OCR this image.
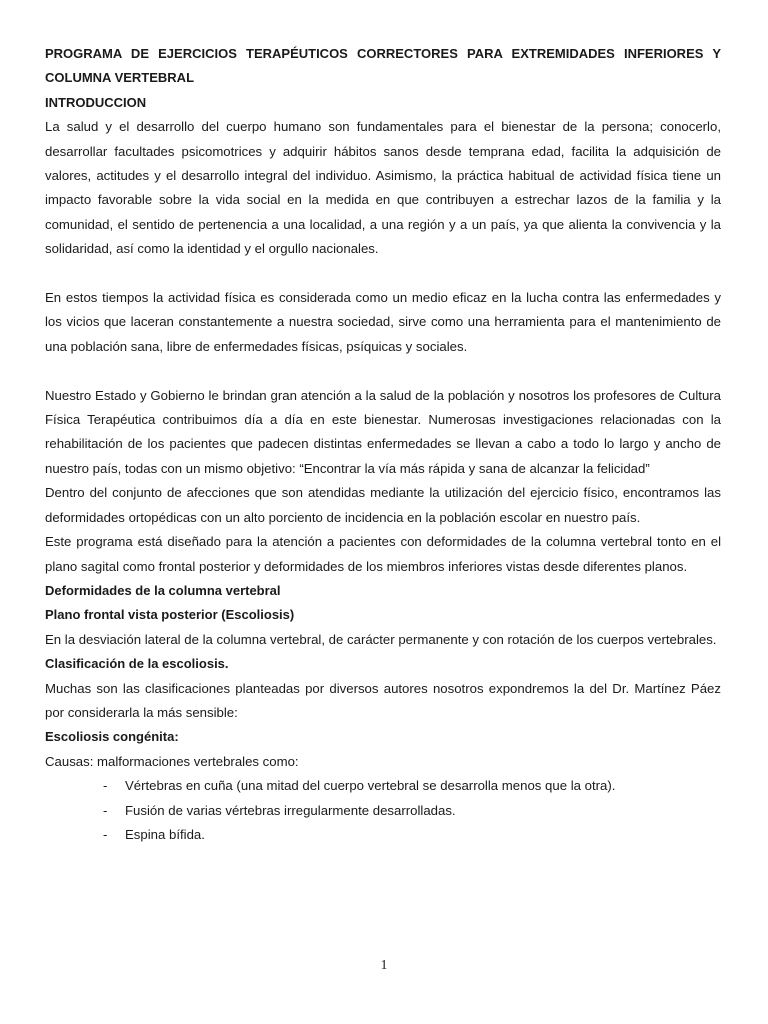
PROGRAMA DE EJERCICIOS TERAPÉUTICOS CORRECTORES PARA EXTREMIDADES INFERIORES Y COLUMNA VERTEBRAL

INTRODUCCION

La salud y el desarrollo del cuerpo humano son fundamentales para el bienestar de la persona; conocerlo, desarrollar facultades psicomotrices y adquirir hábitos sanos desde temprana edad, facilita la adquisición de valores, actitudes y el desarrollo integral del individuo. Asimismo, la práctica habitual de actividad física tiene un impacto favorable sobre la vida social en la medida en que contribuyen a estrechar lazos de la familia y la comunidad, el sentido de pertenencia a una localidad, a una región y a un país, ya que alienta la convivencia y la solidaridad, así como la identidad y el orgullo nacionales.

En estos tiempos la actividad física es considerada como un medio eficaz en la lucha contra las enfermedades y los vicios que laceran constantemente a nuestra sociedad, sirve como una herramienta para el mantenimiento de una población sana, libre de enfermedades físicas, psíquicas y sociales.

Nuestro Estado y Gobierno le brindan gran atención a la salud de la población y nosotros los profesores de Cultura Física Terapéutica contribuimos día a día en este bienestar. Numerosas investigaciones relacionadas con la rehabilitación de los pacientes que padecen distintas enfermedades se llevan a cabo a todo lo largo y ancho de nuestro país, todas con un mismo objetivo: “Encontrar la vía más rápida y sana de alcanzar la felicidad”

Dentro del conjunto de afecciones que son atendidas mediante la utilización del ejercicio físico, encontramos las deformidades ortopédicas con un alto porciento de incidencia en la población escolar en nuestro país.

Este programa está diseñado para la atención a pacientes con deformidades de la columna vertebral tonto en el plano sagital como frontal posterior y deformidades de los miembros inferiores vistas desde diferentes planos.

Deformidades de la columna vertebral

Plano frontal vista posterior (Escoliosis)

En la desviación lateral de la columna vertebral, de carácter permanente y con rotación de los cuerpos vertebrales.

Clasificación de la escoliosis.

Muchas son las clasificaciones planteadas por diversos autores nosotros expondremos la del Dr. Martínez Páez por considerarla la más sensible:

Escoliosis congénita:

Causas: malformaciones vertebrales como:

- Vértebras en cuña (una mitad del cuerpo vertebral se desarrolla menos que la otra).
- Fusión de varias vértebras irregularmente desarrolladas.
- Espina bífida.
1
